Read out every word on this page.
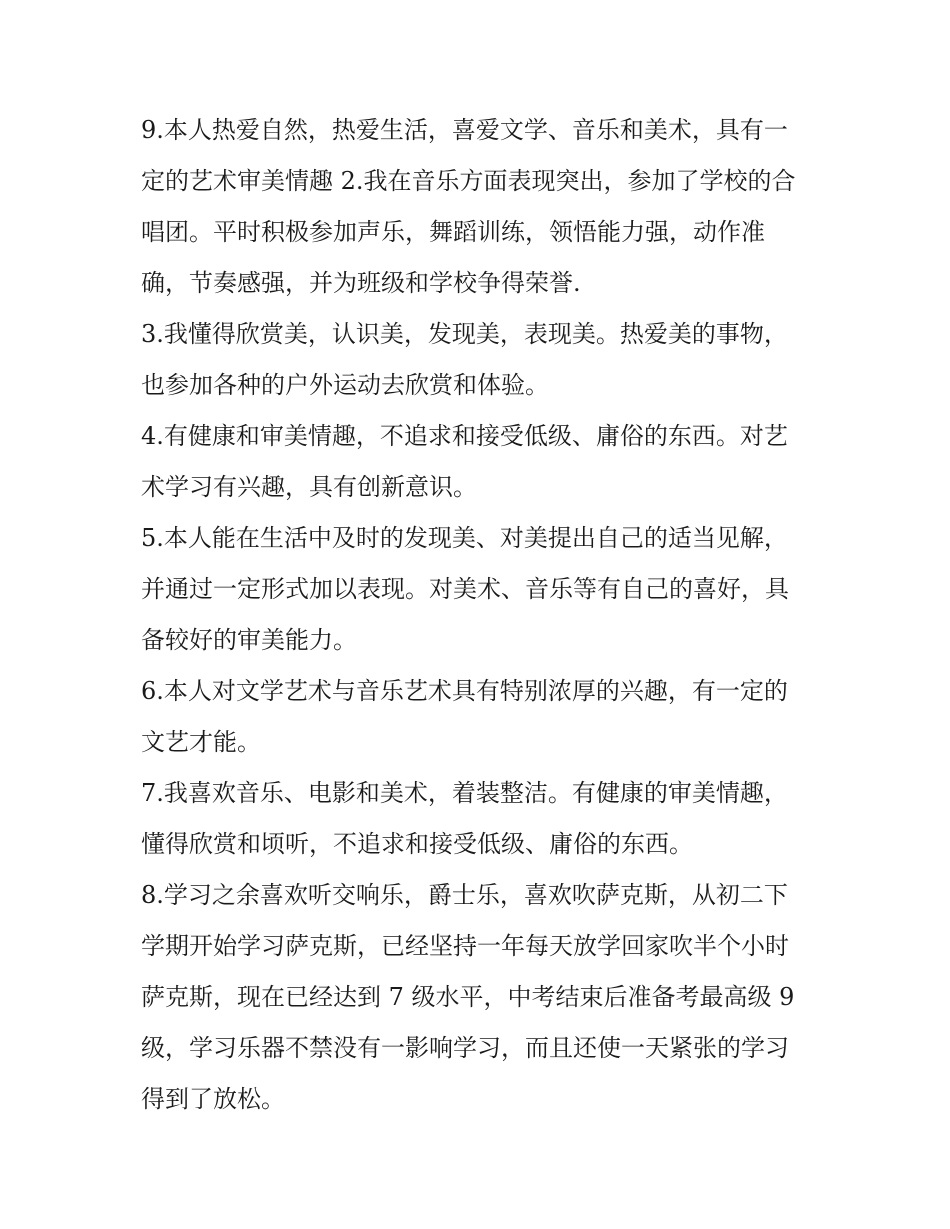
9.本人热爱自然，热爱生活，喜爱文学、音乐和美术，具有一
定的艺术审美情趣 2.我在音乐方面表现突出，参加了学校的合
唱团。平时积极参加声乐，舞蹈训练，领悟能力强，动作准
确，节奏感强，并为班级和学校争得荣誉.
3.我懂得欣赏美，认识美，发现美，表现美。热爱美的事物，
也参加各种的户外运动去欣赏和体验。
4.有健康和审美情趣，不追求和接受低级、庸俗的东西。对艺
术学习有兴趣，具有创新意识。
5.本人能在生活中及时的发现美、对美提出自己的适当见解，
并通过一定形式加以表现。对美术、音乐等有自己的喜好，具
备较好的审美能力。
6.本人对文学艺术与音乐艺术具有特别浓厚的兴趣，有一定的
文艺才能。
7.我喜欢音乐、电影和美术，着装整洁。有健康的审美情趣，
懂得欣赏和顷听，不追求和接受低级、庸俗的东西。
8.学习之余喜欢听交响乐，爵士乐，喜欢吹萨克斯，从初二下
学期开始学习萨克斯，已经坚持一年每天放学回家吹半个小时
萨克斯，现在已经达到 7 级水平，中考结束后准备考最高级 9
级，学习乐器不禁没有一影响学习，而且还使一天紧张的学习
得到了放松。
